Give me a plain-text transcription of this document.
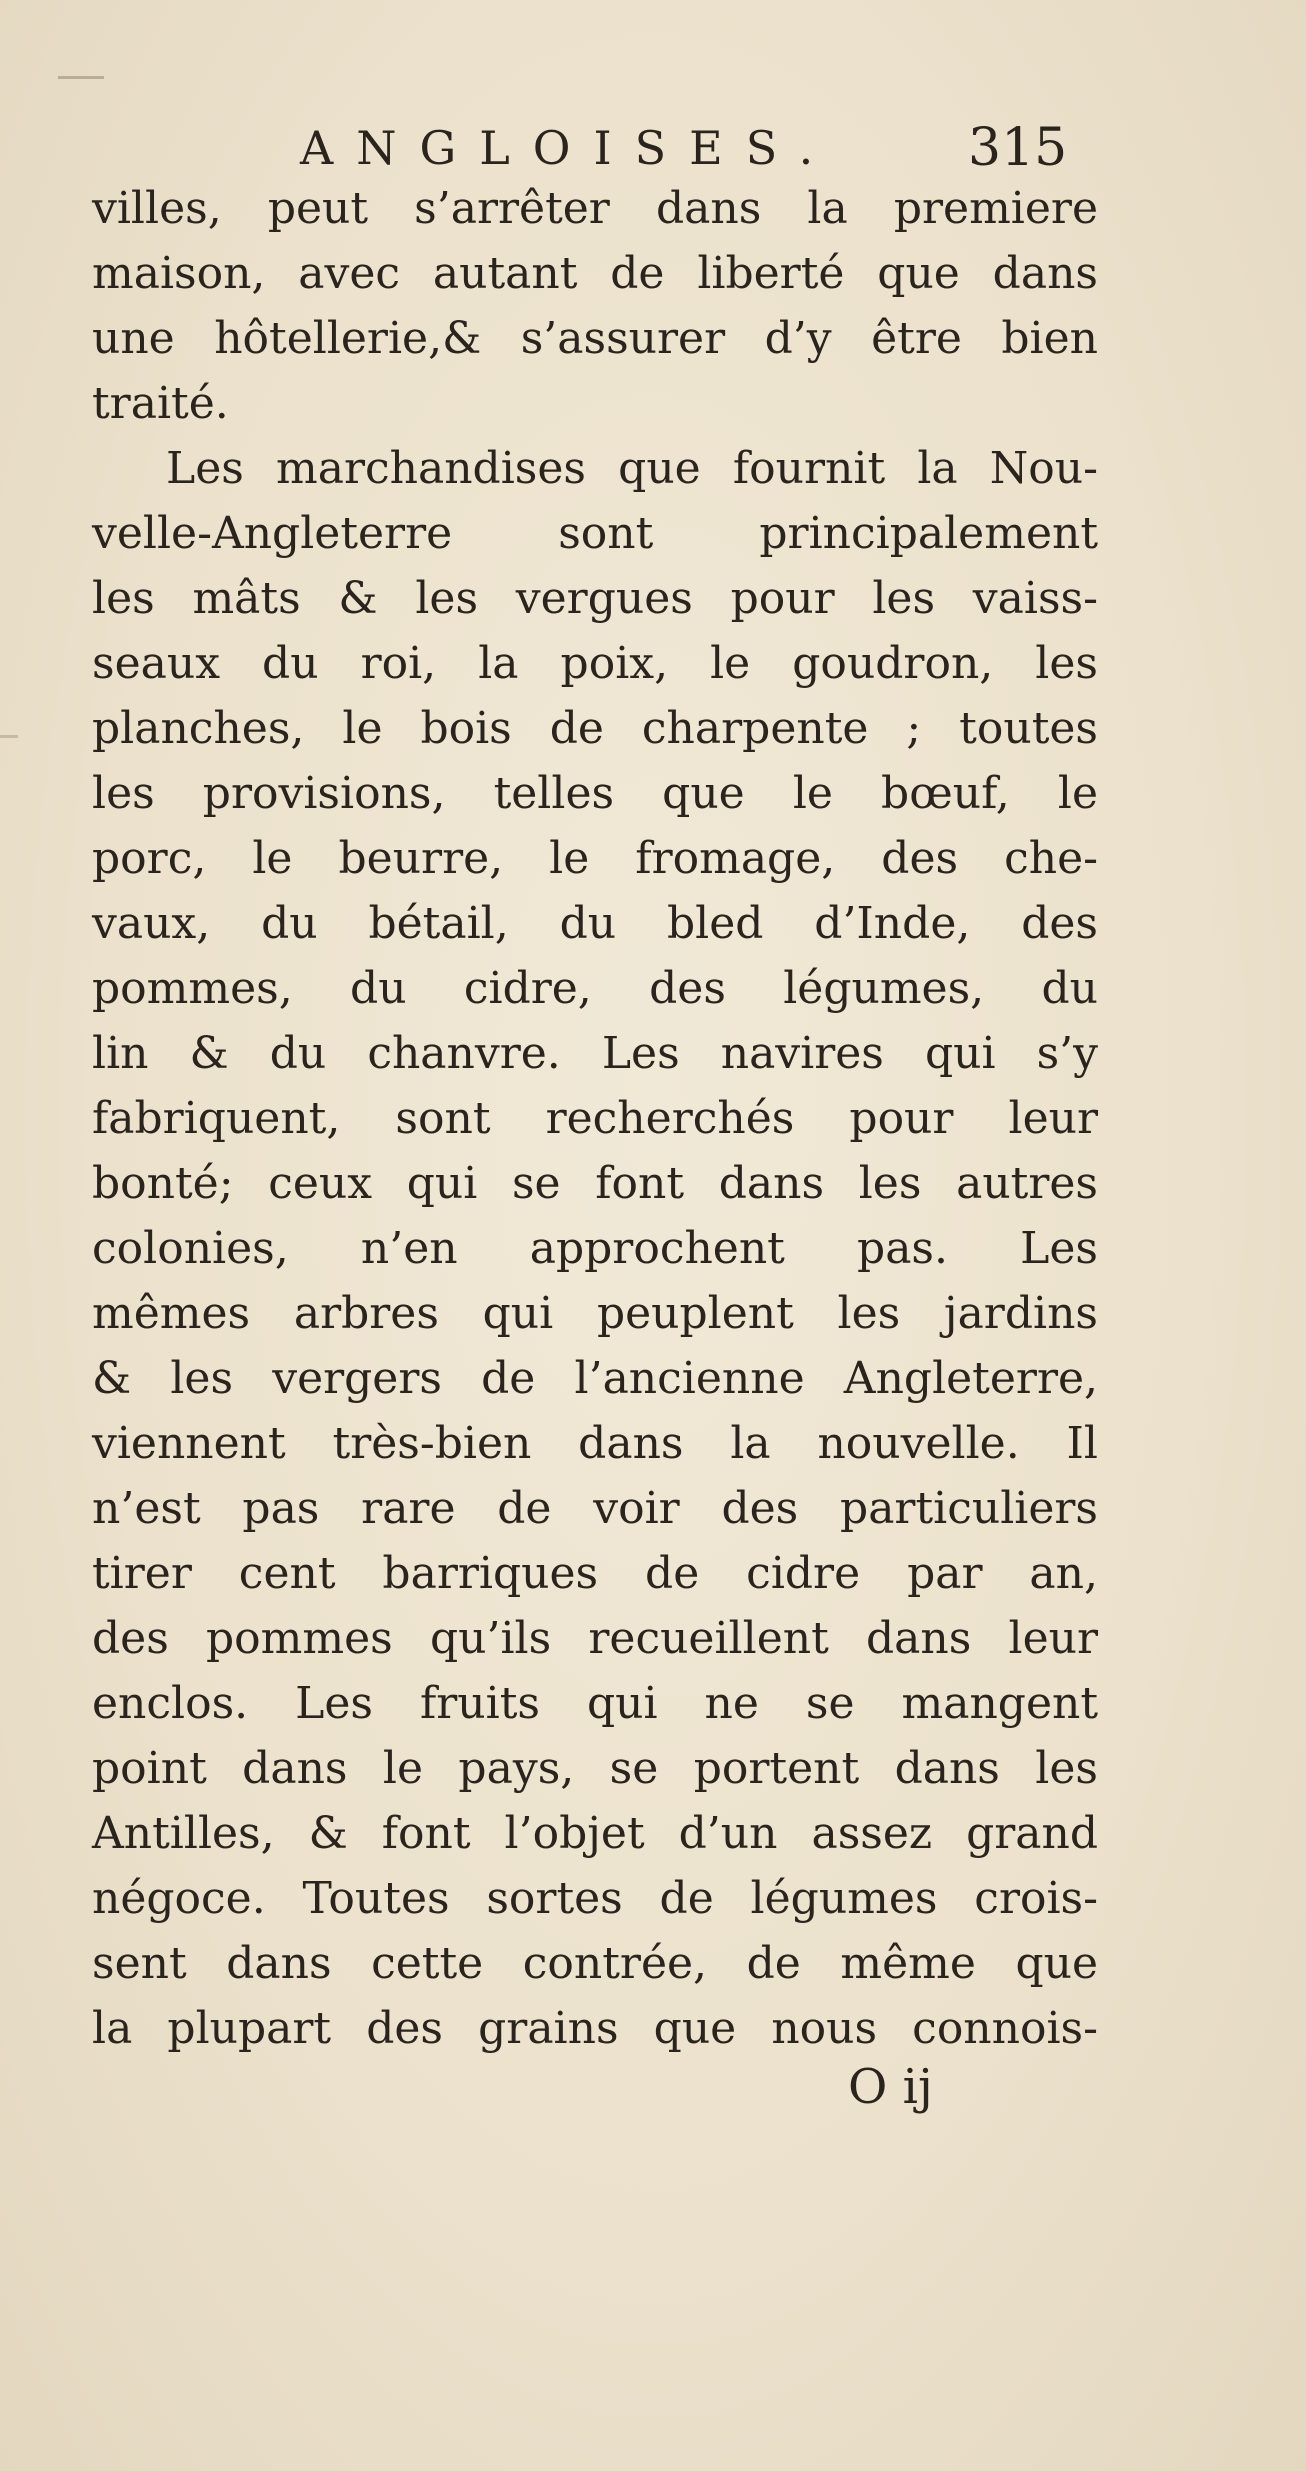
ANGLOISES.	315
villes, peut s’arrêter dans la premiere
maison, avec autant de liberté que dans
une hôtellerie,& s’assurer d’y être bien
traité.
Les marchandises que fournit la Nou-
velle-Angleterre sont principalement
les mâts & les vergues pour les vaiss-
seaux du roi, la poix, le goudron, les
planches, le bois de charpente ; toutes
les provisions, telles que le bœuf, le
porc, le beurre, le fromage, des che-
vaux, du bétail, du bled d’Inde, des
pommes, du cidre, des légumes, du
lin & du chanvre. Les navires qui s’y
fabriquent, sont recherchés pour leur
bonté; ceux qui se font dans les autres
colonies, n’en approchent pas. Les
mêmes arbres qui peuplent les jardins
& les vergers de l’ancienne Angleterre,
viennent très-bien dans la nouvelle. Il
n’est pas rare de voir des particuliers
tirer cent barriques de cidre par an,
des pommes qu’ils recueillent dans leur
enclos. Les fruits qui ne se mangent
point dans le pays, se portent dans les
Antilles, & font l’objet d’un assez grand
négoce. Toutes sortes de légumes crois-
sent dans cette contrée, de même que
la plupart des grains que nous connois-
O ij
